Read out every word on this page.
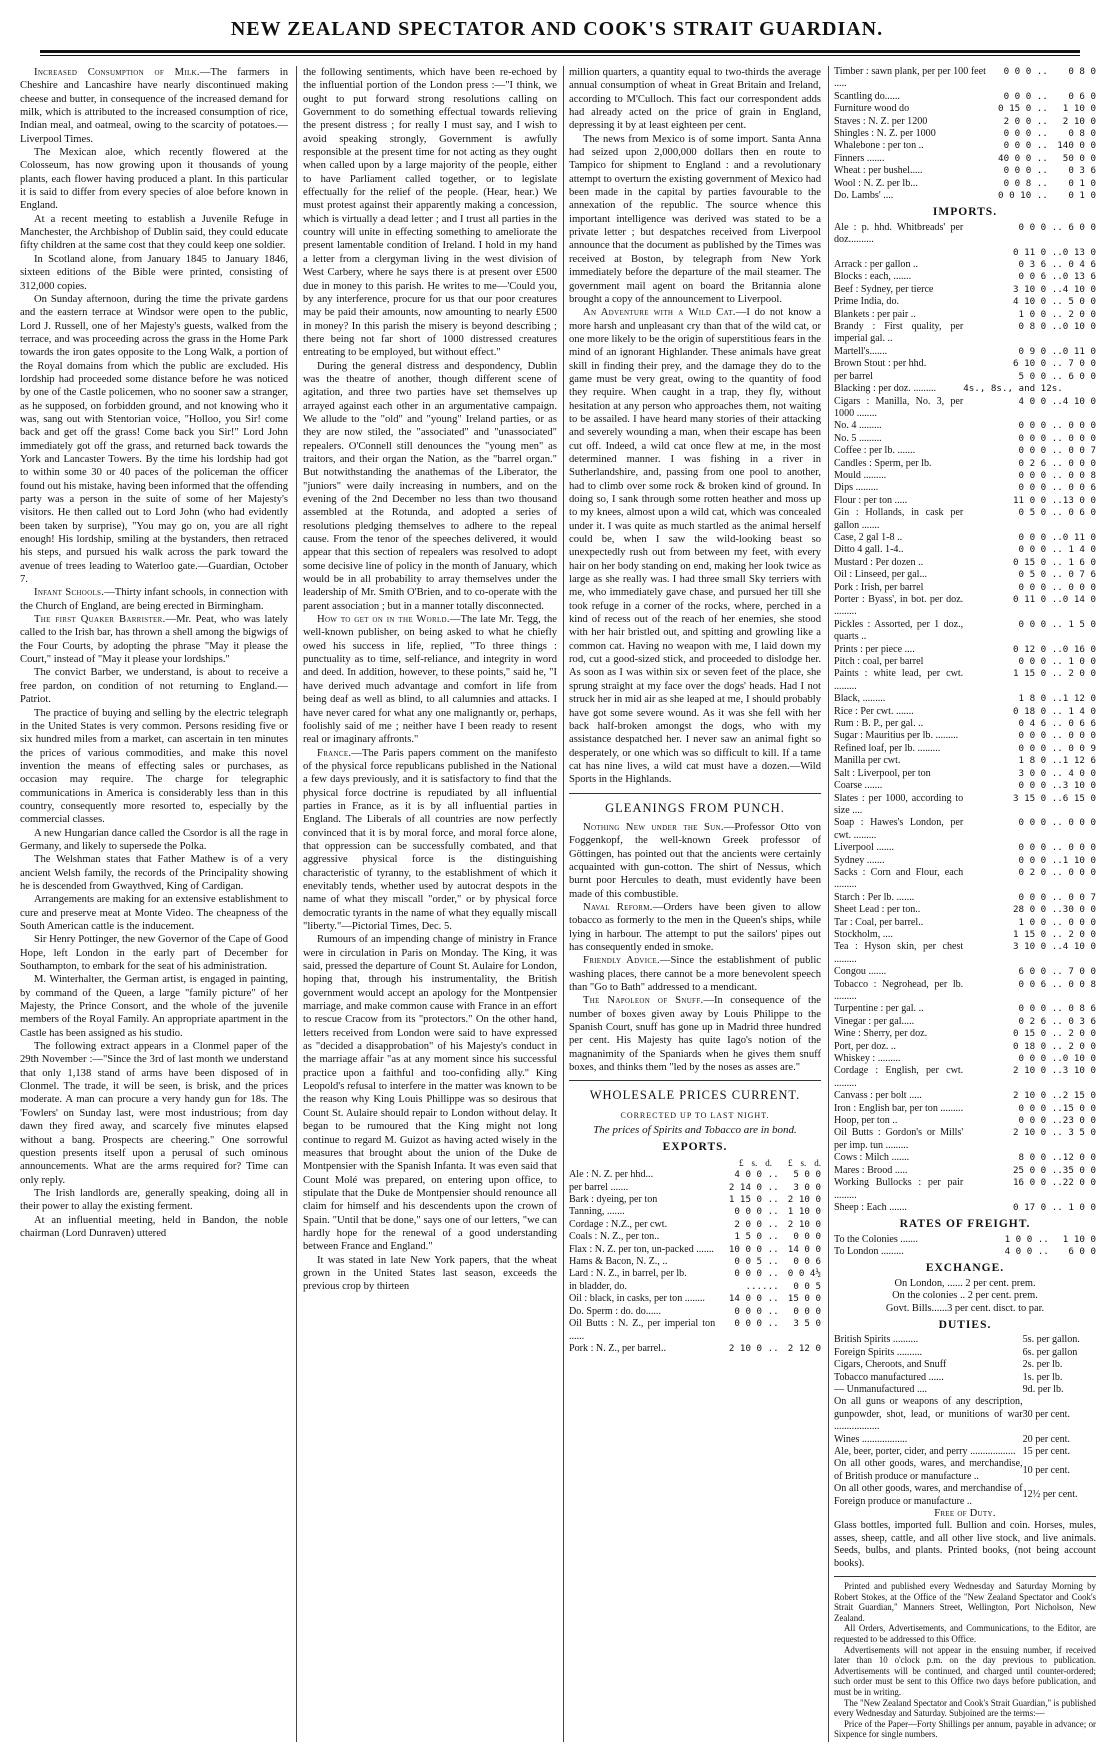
NEW ZEALAND SPECTATOR AND COOK'S STRAIT GUARDIAN.

Increased Consumption of Milk.—The farmers in Cheshire and Lancashire have nearly discontinued making cheese and butter, in consequence of the increased demand for milk, which is attributed to the increased consumption of rice, Indian meal, and oatmeal, owing to the scarcity of potatoes.—Liverpool Times.

The Mexican aloe, which recently flowered at the Colosseum, has now growing upon it thousands of young plants, each flower having produced a plant. In this particular it is said to differ from every species of aloe before known in England.

At a recent meeting to establish a Juvenile Refuge in Manchester, the Archbishop of Dublin said, they could educate fifty children at the same cost that they could keep one soldier.

In Scotland alone, from January 1845 to January 1846, sixteen editions of the Bible were printed, consisting of 312,000 copies.

On Sunday afternoon, during the time the private gardens and the eastern terrace at Windsor were open to the public, Lord J. Russell, one of her Majesty's guests, walked from the terrace, and was proceeding across the grass in the Home Park towards the iron gates opposite to the Long Walk, a portion of the Royal domains from which the public are excluded. His lordship had proceeded some distance before he was noticed by one of the Castle policemen, who no sooner saw a stranger, as he supposed, on forbidden ground, and not knowing who it was, sang out with Stentorian voice, "Holloo, you Sir! come back and get off the grass! Come back you Sir!" Lord John immediately got off the grass, and returned back towards the York and Lancaster Towers. By the time his lordship had got to within some 30 or 40 paces of the policeman the officer found out his mistake, having been informed that the offending party was a person in the suite of some of her Majesty's visitors. He then called out to Lord John (who had evidently been taken by surprise), "You may go on, you are all right enough! His lordship, smiling at the bystanders, then retraced his steps, and pursued his walk across the park toward the avenue of trees leading to Waterloo gate.—Guardian, October 7.

Infant Schools.—Thirty infant schools, in connection with the Church of England, are being erected in Birmingham.

The first Quaker Barrister.—Mr. Peat, who was lately called to the Irish bar, has thrown a shell among the bigwigs of the Four Courts, by adopting the phrase "May it please the Court," instead of "May it please your lordships."

The convict Barber, we understand, is about to receive a free pardon, on condition of not returning to England.—Patriot.

The practice of buying and selling by the electric telegraph in the United States is very common. Persons residing five or six hundred miles from a market, can ascertain in ten minutes the prices of various commodities, and make this novel invention the means of effecting sales or purchases, as occasion may require. The charge for telegraphic communications in America is considerably less than in this country, consequently more resorted to, especially by the commercial classes.

A new Hungarian dance called the Csordor is all the rage in Germany, and likely to supersede the Polka.

The Welshman states that Father Mathew is of a very ancient Welsh family, the records of the Principality showing he is descended from Gwaythved, King of Cardigan.

Arrangements are making for an extensive establishment to cure and preserve meat at Monte Video. The cheapness of the South American cattle is the inducement.

Sir Henry Pottinger, the new Governor of the Cape of Good Hope, left London in the early part of December for Southampton, to embark for the seat of his administration.

M. Winterhalter, the German artist, is engaged in painting, by command of the Queen, a large "family picture" of her Majesty, the Prince Consort, and the whole of the juvenile members of the Royal Family. An appropriate apartment in the Castle has been assigned as his studio.

The following extract appears in a Clonmel paper of the 29th November :—"Since the 3rd of last month we understand that only 1,138 stand of arms have been disposed of in Clonmel. The trade, it will be seen, is brisk, and the prices moderate. A man can procure a very handy gun for 18s. The 'Fowlers' on Sunday last, were most industrious; from day dawn they fired away, and scarcely five minutes elapsed without a bang. Prospects are cheering." One sorrowful question presents itself upon a perusal of such ominous announcements. What are the arms required for? Time can only reply.

The Irish landlords are, generally speaking, doing all in their power to allay the existing ferment.

At an influential meeting, held in Bandon, the noble chairman (Lord Dunraven) uttered

the following sentiments, which have been re-echoed by the influential portion of the London press :—"I think, we ought to put forward strong resolutions calling on Government to do something effectual towards relieving the present distress ; for really I must say, and I wish to avoid speaking strongly, Government is awfully responsible at the present time for not acting as they ought when called upon by a large majority of the people, either to have Parliament called together, or to legislate effectually for the relief of the people. (Hear, hear.) We must protest against their apparently making a concession, which is virtually a dead letter ; and I trust all parties in the country will unite in effecting something to ameliorate the present lamentable condition of Ireland. I hold in my hand a letter from a clergyman living in the west division of West Carbery, where he says there is at present over £500 due in money to this parish. He writes to me—'Could you, by any interference, procure for us that our poor creatures may be paid their amounts, now amounting to nearly £500 in money? In this parish the misery is beyond describing ; there being not far short of 1000 distressed creatures entreating to be employed, but without effect."

During the general distress and despondency, Dublin was the theatre of another, though different scene of agitation, and three two parties have set themselves up arrayed against each other in an argumentative campaign. We allude to the "old" and "young" Ireland parties, or as they are now stiled, the "associated" and "unassociated" repealers. O'Connell still denounces the "young men" as traitors, and their organ the Nation, as the "barrel organ." But notwithstanding the anathemas of the Liberator, the "juniors" were daily increasing in numbers, and on the evening of the 2nd December no less than two thousand assembled at the Rotunda, and adopted a series of resolutions pledging themselves to adhere to the repeal cause. From the tenor of the speeches delivered, it would appear that this section of repealers was resolved to adopt some decisive line of policy in the month of January, which would be in all probability to array themselves under the leadership of Mr. Smith O'Brien, and to co-operate with the parent association ; but in a manner totally disconnected.

How to get on in the World.—The late Mr. Tegg, the well-known publisher, on being asked to what he chiefly owed his success in life, replied, "To three things : punctuality as to time, self-reliance, and integrity in word and deed. In addition, however, to these points," said he, "I have derived much advantage and comfort in life from being deaf as well as blind, to all calumnies and attacks. I have never cared for what any one malignantly or, perhaps, foolishly said of me ; neither have I been ready to resent real or imaginary affronts."

France.—The Paris papers comment on the manifesto of the physical force republicans published in the National a few days previously, and it is satisfactory to find that the physical force doctrine is repudiated by all influential parties in France, as it is by all influential parties in England. The Liberals of all countries are now perfectly convinced that it is by moral force, and moral force alone, that oppression can be successfully combated, and that aggressive physical force is the distinguishing characteristic of tyranny, to the establishment of which it enevitably tends, whether used by autocrat despots in the name of what they miscall "order," or by physical force democratic tyrants in the name of what they equally miscall "liberty."—Pictorial Times, Dec. 5.

Rumours of an impending change of ministry in France were in circulation in Paris on Monday. The King, it was said, pressed the departure of Count St. Aulaire for London, hoping that, through his instrumentality, the British government would accept an apology for the Montpensier marriage, and make common cause with France in an effort to rescue Cracow from its "protectors." On the other hand, letters received from London were said to have expressed as "decided a disapprobation" of his Majesty's conduct in the marriage affair "as at any moment since his successful practice upon a faithful and too-confiding ally." King Leopold's refusal to interfere in the matter was known to be the reason why King Louis Phillippe was so desirous that Count St. Aulaire should repair to London without delay. It began to be rumoured that the King might not long continue to regard M. Guizot as having acted wisely in the measures that brought about the union of the Duke de Montpensier with the Spanish Infanta. It was even said that Count Molé was prepared, on entering upon office, to stipulate that the Duke de Montpensier should renounce all claim for himself and his descendents upon the crown of Spain. "Until that be done," says one of our letters, "we can hardly hope for the renewal of a good understanding between France and England."

It was stated in late New York papers, that the wheat grown in the United States last season, exceeds the previous crop by thirteen

million quarters, a quantity equal to two-thirds the average annual consumption of wheat in Great Britain and Ireland, according to M'Culloch. This fact our correspondent adds had already acted on the price of grain in England, depressing it by at least eighteen per cent.

The news from Mexico is of some import. Santa Anna had seized upon 2,000,000 dollars then en route to Tampico for shipment to England : and a revolutionary attempt to overturn the existing government of Mexico had been made in the capital by parties favourable to the annexation of the republic. The source whence this important intelligence was derived was stated to be a private letter ; but despatches received from Liverpool announce that the document as published by the Times was received at Boston, by telegraph from New York immediately before the departure of the mail steamer. The government mail agent on board the Britannia alone brought a copy of the announcement to Liverpool.

An Adventure with a Wild Cat.—I do not know a more harsh and unpleasant cry than that of the wild cat, or one more likely to be the origin of superstitious fears in the mind of an ignorant Highlander. These animals have great skill in finding their prey, and the damage they do to the game must be very great, owing to the quantity of food they require. When caught in a trap, they fly, without hesitation at any person who approaches them, not waiting to be assailed. I have heard many stories of their attacking and severely wounding a man, when their escape has been cut off. Indeed, a wild cat once flew at me, in the most determined manner. I was fishing in a river in Sutherlandshire, and, passing from one pool to another, had to climb over some rock & broken kind of ground. In doing so, I sank through some rotten heather and moss up to my knees, almost upon a wild cat, which was concealed under it. I was quite as much startled as the animal herself could be, when I saw the wild-looking beast so unexpectedly rush out from between my feet, with every hair on her body standing on end, making her look twice as large as she really was. I had three small Sky terriers with me, who immediately gave chase, and pursued her till she took refuge in a corner of the rocks, where, perched in a kind of recess out of the reach of her enemies, she stood with her hair bristled out, and spitting and growling like a common cat. Having no weapon with me, I laid down my rod, cut a good-sized stick, and proceeded to dislodge her. As soon as I was within six or seven feet of the place, she sprung straight at my face over the dogs' heads. Had I not struck her in mid air as she leaped at me, I should probably have got some severe wound. As it was she fell with her back half-broken amongst the dogs, who with my assistance despatched her. I never saw an animal fight so desperately, or one which was so difficult to kill. If a tame cat has nine lives, a wild cat must have a dozen.—Wild Sports in the Highlands.

GLEANINGS FROM PUNCH.

Nothing New under the Sun.—Professor Otto von Foggenkopf, the well-known Greek professor of Göttingen, has pointed out that the ancients were certainly acquainted with gun-cotton. The shirt of Nessus, which burnt poor Hercules to death, must evidently have been made of this combustible.

Naval Reform.—Orders have been given to allow tobacco as formerly to the men in the Queen's ships, while lying in harbour. The attempt to put the sailors' pipes out has consequently ended in smoke.

Friendly Advice.—Since the establishment of public washing places, there cannot be a more benevolent speech than "Go to Bath" addressed to a mendicant.

The Napoleon of Snuff.—In consequence of the number of boxes given away by Louis Philippe to the Spanish Court, snuff has gone up in Madrid three hundred per cent. His Majesty has quite Iago's notion of the magnanimity of the Spaniards when he gives them snuff boxes, and thinks them "led by the noses as asses are."

WHOLESALE PRICES CURRENT.
CORRECTED UP TO LAST NIGHT.
The prices of Spirits and Tobacco are in bond.
EXPORTS.
£ s. d. £ s. d.
Ale : N. Z. per hhd...	4 0 0 ..	5 0 0
per barrel .......	2 14 0 ..	3 0 0
Bark : dyeing, per ton	1 15 0 ..	2 10 0
Tanning, .......	0 0 0 ..	1 10 0
Cordage : N.Z., per cwt.	2 0 0 ..	2 10 0
Coals : N. Z., per ton..	1 5 0 ..	0 0 0
Flax : N. Z. per ton, un-packed .......	10 0 0 ..	14 0 0
Hams & Bacon, N. Z., ..	0 0 5 ..	0 0 6
Lard : N. Z., in barrel, per lb.	0 0 0 ..	0 0 4½
in bladder, do.	......	0 0 5
Oil : black, in casks, per ton ........	14 0 0 ..	15 0 0
Do. Sperm : do. do......	0 0 0 ..	0 0 0
Oil Butts : N. Z., per imperial ton ......	0 0 0 ..	3 5 0
Pork : N. Z., per barrel..	2 10 0 ..	2 12 0
Timber : sawn plank, per per 100 feet .....	0 0 0 ..	0 8 0
Scantling do......	0 0 0 ..	0 6 0
Furniture wood do	0 15 0 ..	1 10 0
Staves : N. Z. per 1200	2 0 0 ..	2 10 0
Shingles : N. Z. per 1000	0 0 0 ..	0 8 0
Whalebone : per ton ..	0 0 0 ..	140 0 0
Finners .......	40 0 0 ..	50 0 0
Wheat : per bushel.....	0 0 0 ..	0 3 6
Wool : N. Z. per lb...	0 0 8 ..	0 1 0
Do. Lambs' ....	0 0 10 ..	0 1 0
IMPORTS.
Ale : p. hhd. Whitbreads' per doz..........	0 0 0 ..	6 0 0
	0 11 0 ..	0 13 0
Arrack : per gallon ..	0 3 6 ..	0 4 6
Blocks : each, .......	0 0 6 ..	0 13 6
Beef : Sydney, per tierce	3 10 0 ..	4 10 0
Prime India, do.	4 10 0 ..	5 0 0
Blankets : per pair ..	1 0 0 ..	2 0 0
Brandy : First quality, per imperial gal. ..	0 8 0 ..	0 10 0
Martell's.......	0 9 0 ..	0 11 0
Brown Stout : per hhd.	6 10 0 ..	7 0 0
per barrel	5 0 0 ..	6 0 0
Blacking : per doz. .........	4s., 8s., and 12s.	
Cigars : Manilla, No. 3, per 1000 ........	4 0 0 ..	4 10 0
No. 4 .........	0 0 0 ..	0 0 0
No. 5 .........	0 0 0 ..	0 0 0
Coffee : per lb. .......	0 0 0 ..	0 0 7
Candles : Sperm, per lb.	0 2 6 ..	0 0 0
Mould .........	0 0 0 ..	0 0 8
Dips .........	0 0 0 ..	0 0 6
Flour : per ton .....	11 0 0 ..	13 0 0
Gin : Hollands, in cask per gallon .......	0 5 0 ..	0 6 0
Case, 2 gal 1-8 ..	0 0 0 ..	0 11 0
Ditto 4 gall. 1-4..	0 0 0 ..	1 4 0
Mustard : Per dozen ..	0 15 0 ..	1 6 0
Oil : Linseed, per gal...	0 5 0 ..	0 7 6
Pork : Irish, per barrel	0 0 0 ..	0 0 0
Porter : Byass', in bot. per doz. .........	0 11 0 ..	0 14 0
Pickles : Assorted, per 1 doz., quarts ..	0 0 0 ..	1 5 0
Prints : per piece ....	0 12 0 ..	0 16 0
Pitch : coal, per barrel	0 0 0 ..	1 0 0
Paints : white lead, per cwt. .........	1 15 0 ..	2 0 0
Black, .........	1 8 0 ..	1 12 0
Rice : Per cwt. .......	0 18 0 ..	1 4 0
Rum : B. P., per gal. ..	0 4 6 ..	0 6 6
Sugar : Mauritius per lb. .........	0 0 0 ..	0 0 0
Refined loaf, per lb. .........	0 0 0 ..	0 0 9
Manilla per cwt.	1 8 0 ..	1 12 6
Salt : Liverpool, per ton	3 0 0 ..	4 0 0
Coarse .......	0 0 0 ..	3 10 0
Slates : per 1000, according to size ....	3 15 0 ..	6 15 0
Soap : Hawes's London, per cwt. .........	0 0 0 ..	0 0 0
Liverpool .......	0 0 0 ..	0 0 0
Sydney .......	0 0 0 ..	1 10 0
Sacks : Corn and Flour, each .........	0 2 0 ..	0 0 0
Starch : Per lb. .......	0 0 0 ..	0 0 7
Sheet Lead : per ton..	28 0 0 ..	30 0 0
Tar : Coal, per barrel..	1 0 0 ..	0 0 0
Stockholm, ....	1 15 0 ..	2 0 0
Tea : Hyson skin, per chest .........	3 10 0 ..	4 10 0
Congou .......	6 0 0 ..	7 0 0
Tobacco : Negrohead, per lb. .........	0 0 6 ..	0 0 8
Turpentine : per gal. ..	0 0 0 ..	0 8 6
Vinegar : per gal.....	0 2 6 ..	0 3 6
Wine : Sherry, per doz.	0 15 0 ..	2 0 0
Port, per doz. ..	0 18 0 ..	2 0 0
Whiskey : .........	0 0 0 ..	0 10 0
Cordage : English, per cwt. .........	2 10 0 ..	3 10 0
Canvass : per bolt .....	2 10 0 ..	2 15 0
Iron : English bar, per ton .........	0 0 0 ..	15 0 0
Hoop, per ton ..	0 0 0 ..	23 0 0
Oil Butts : Gordon's or Mills' per imp. tun .........	2 10 0 ..	3 5 0
Cows : Milch .......	8 0 0 ..	12 0 0
Mares : Brood .....	25 0 0 ..	35 0 0
Working Bullocks : per pair .........	16 0 0 ..	22 0 0
Sheep : Each .......	0 17 0 ..	1 0 0
RATES OF FREIGHT.
To the Colonies .......	1 0 0 ..	1 10 0
To London .........	4 0 0 ..	6 0 0
EXCHANGE.
On London, ...... 2 per cent. prem.
On the colonies .. 2 per cent. prem.
Govt. Bills......3 per cent. disct. to par.
DUTIES.
British Spirits ..........	5s. per gallon.
Foreign Spirits ..........	6s. per gallon
Cigars, Cheroots, and Snuff	2s. per lb.
Tobacco manufactured ......	1s. per lb.
— Unmanufactured ....	9d. per lb.
On all guns or weapons of any description, gunpowder, shot, lead, or munitions of war ..................	30 per cent.
Wines ..................	20 per cent.
Ale, beer, porter, cider, and perry ..................	15 per cent.
On all other goods, wares, and merchandise, of British produce or manufacture ..	10 per cent.
On all other goods, wares, and merchandise of Foreign produce or manufacture ..	12½ per cent.
Free of Duty.

Glass bottles, imported full. Bullion and coin. Horses, mules, asses, sheep, cattle, and all other live stock, and live animals. Seeds, bulbs, and plants. Printed books, (not being account books).

Printed and published every Wednesday and Saturday Morning by Robert Stokes, at the Office of the "New Zealand Spectator and Cook's Strait Guardian," Manners Street, Wellington, Port Nicholson, New Zealand.

All Orders, Advertisements, and Communications, to the Editor, are requested to be addressed to this Office.

Advertisements will not appear in the ensuing number, if received later than 10 o'clock p.m. on the day previous to publication. Advertisements will be continued, and charged until counter-ordered; such order must be sent to this Office two days before publication, and must be in writing.

The "New Zealand Spectator and Cook's Strait Guardian," is published every Wednesday and Saturday. Subjoined are the terms:—

Price of the Paper—Forty Shillings per annum, payable in advance; or Sixpence for single numbers.
